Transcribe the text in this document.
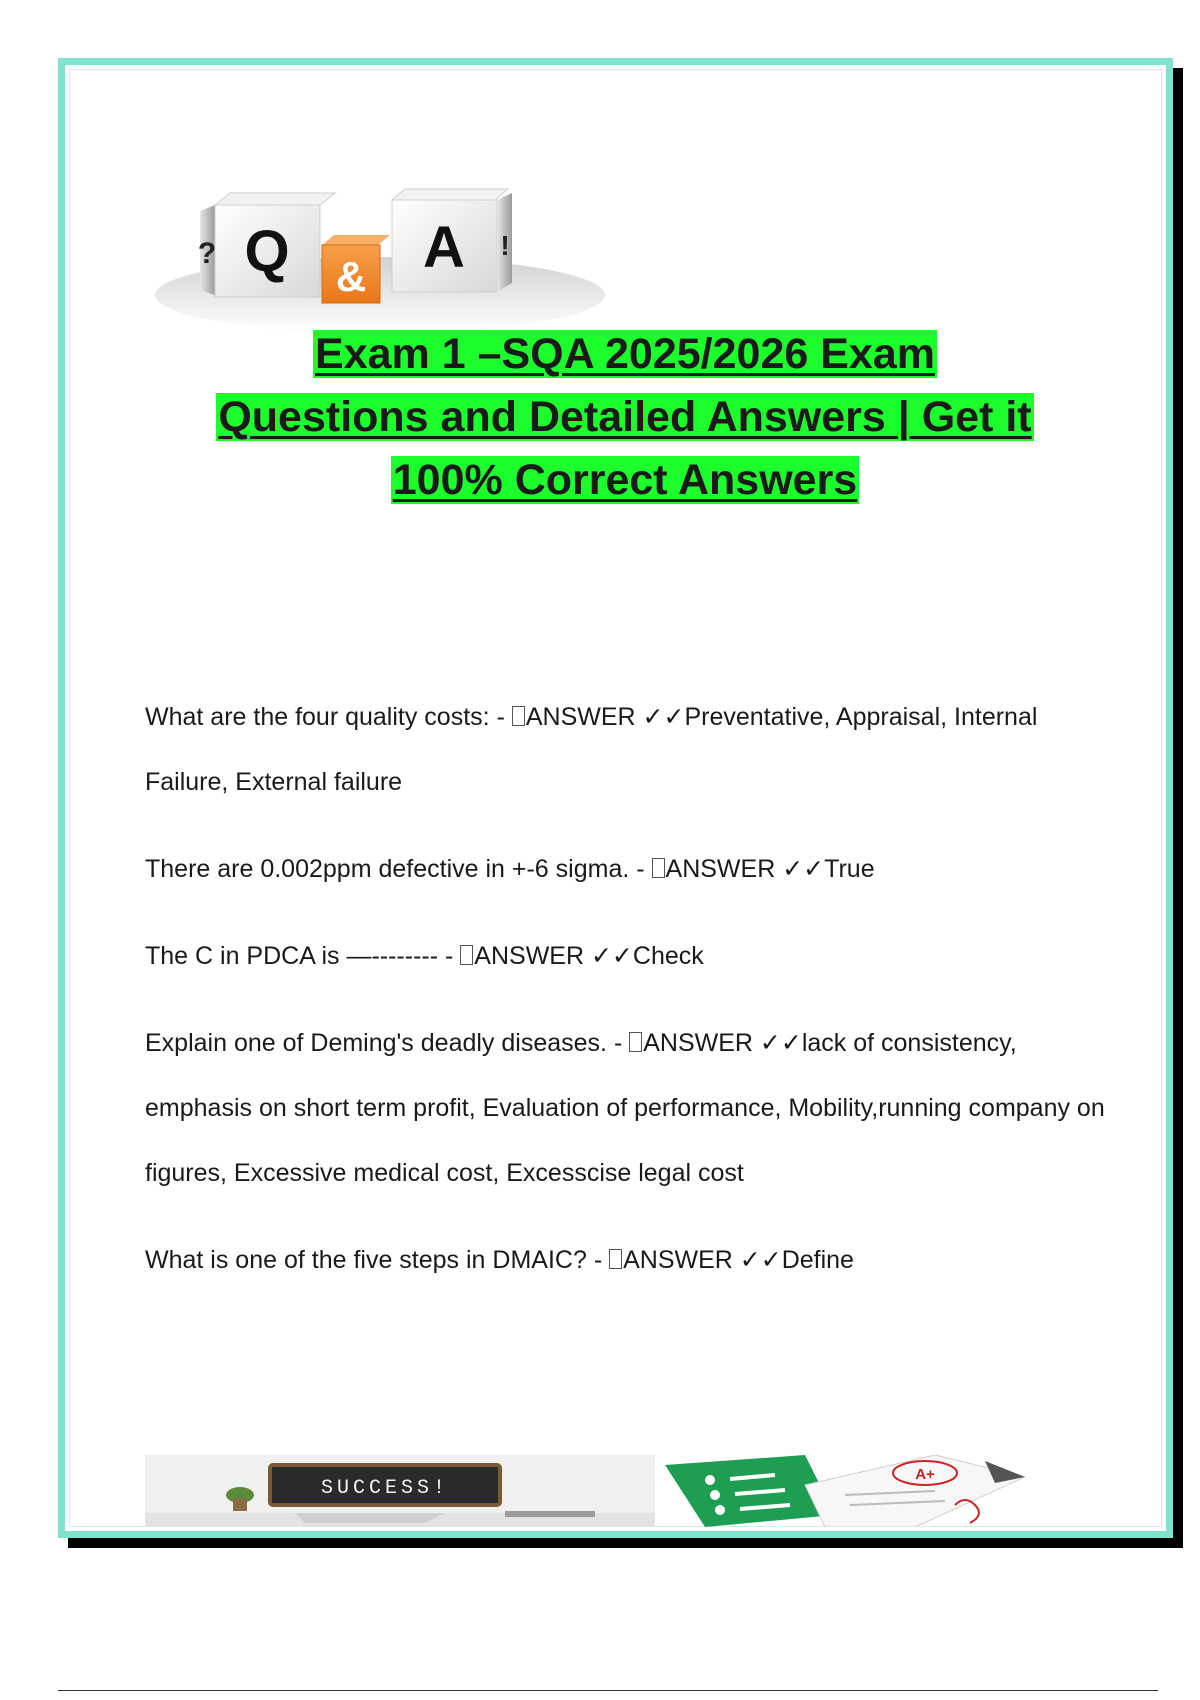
Q
?	& A !
Exam 1 –SQA 2025/2026 Exam
Questions and Detailed Answers | Get it
100% Correct Answers
What are the four quality costs: - ANSWER ✓✓Preventative, Appraisal, Internal Failure, External failure
There are 0.002ppm defective in +-6 sigma. - ANSWER ✓✓True
The C in PDCA is —-------- - ANSWER ✓✓Check
Explain one of Deming's deadly diseases. - ANSWER ✓✓lack of consistency, emphasis on short term profit, Evaluation of performance, Mobility,running company on figures, Excessive medical cost, Excesscise legal cost
What is one of the five steps in DMAIC? - ANSWER ✓✓Define
SUCCESS!
A+
